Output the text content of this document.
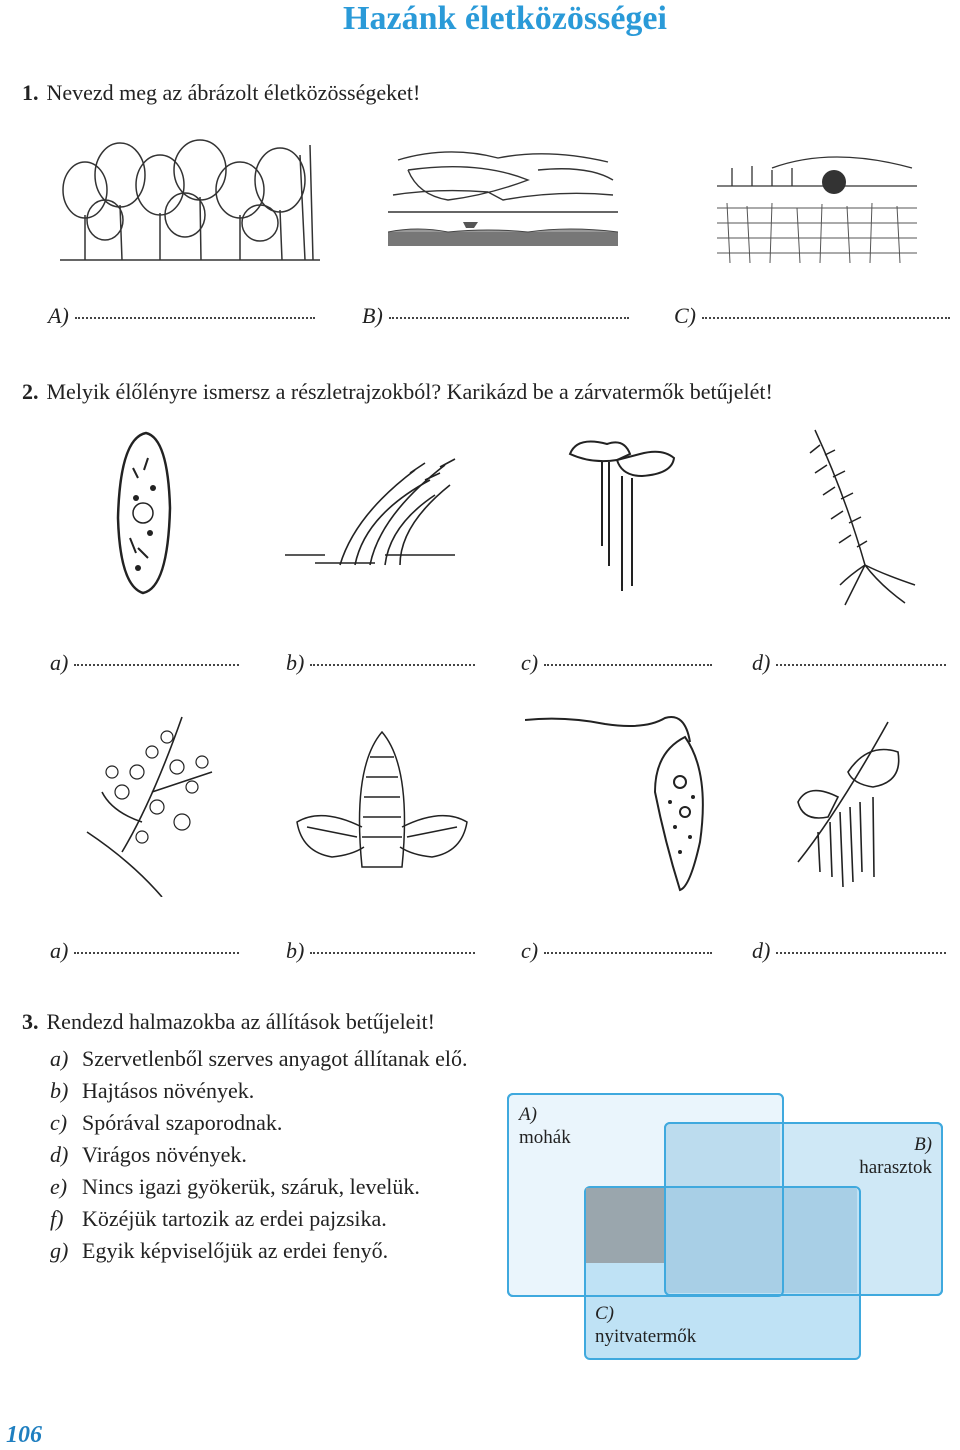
Hazánk életközösségei
1. Nevezd meg az ábrázolt életközösségeket!
A)	B)	C)
2. Melyik élőlényre ismersz a részletrajzokból? Karikázd be a zárvatermők betűjelét!
a)	b)	c)	d)
a)	b)	c)	d)
3. Rendezd halmazokba az állítások betűjeleit!
a) Szervetlenből szerves anyagot állítanak elő.
b) Hajtásos növények.
c) Spórával szaporodnak.
d) Virágos növények.
e) Nincs igazi gyökerük, száruk, levelük.
f) Közéjük tartozik az erdei pajzsika.
g) Egyik képviselőjük az erdei fenyő.
A)
mohák	B)
harasztok
C)
nyitvatermők
106
